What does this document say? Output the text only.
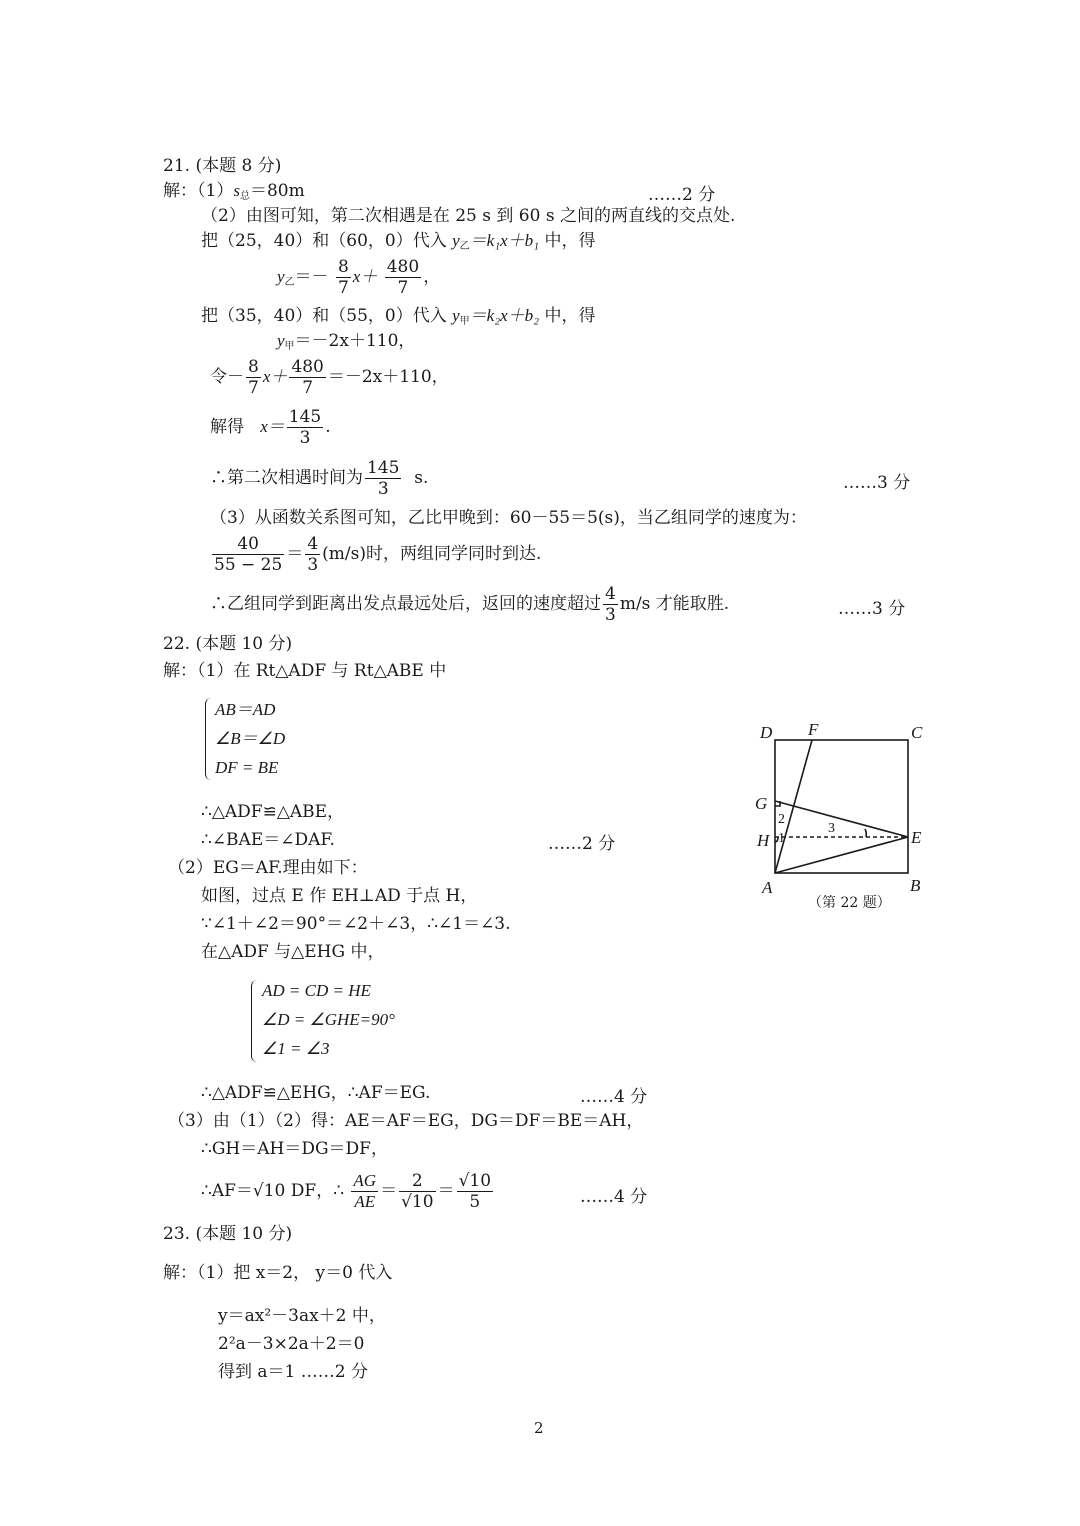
21. (本题 8 分)
解：$(1)s_总=80m$	……2 分
（2）由图可知，第二次相遇是在 25 s 到 60 s 之间的两直线的交点处.
把（25，40）和（60，0）代入 $y_乙=k_1x+b_1$ 中，得
$y_乙=- \frac{8}{7} x+ \frac{480}{7}$ ，
把（35，40）和（55，0）代入 $y_甲=k_2x+b_2$ 中，得
$y_甲=-2x+110$，
令－ $\frac{8}{7} x+ \frac{480}{7} =-2x+110$，
解得 $x= \frac{145}{3}$ .
∴第二次相遇时间为 $\frac{145}{3} s$.	……3 分
（3）从函数关系图可知，乙比甲晚到：60－55＝5(s)，当乙组同学的速度为：
$\frac{40}{55 - 25} = \frac{4}{3} (m/s)$时，两组同学同时到达.
∴乙组同学到距离出发点最远处后，返回的速度超过 $\frac{4}{3} m/s$ 才能取胜.	……3 分
22. (本题 10 分)
解：（1）在 Rt△ADF 与 Rt△ABE 中
AB＝AD
∠B＝∠D
DF = BE
∴△ADF≌△ABE，
∴∠BAE＝∠DAF.	……2 分
（2）EG＝AF.理由如下：
如图，过点 E 作 EH⊥AD 于点 H，
∵∠1＋∠2＝90°＝∠2＋∠3，∴∠1＝∠3.
在△ADF 与△EHG 中，
AD = CD = HE
∠D = ∠GHE=90°
∠1 = ∠3
∴△ADF≌△EHG，∴AF＝EG.	……4 分
（3）由（1）（2）得：AE＝AF＝EG，DG＝DF＝BE＝AH，
∴GH＝AH＝DG＝DF，
∴AF＝√10 DF，∴ $\frac{AG}{AE} = \frac{2}{√10} = \frac{√10}{5}$	……4 分
D F	C
G
H	E
A	B
1
2
3
（第 22 题）
23. (本题 10 分)
解：（1）把 x＝2， y＝0 代入
y＝ax²－3ax＋2 中，
2²a－3×2a＋2＝0
得到 a＝1 ……2 分
2
